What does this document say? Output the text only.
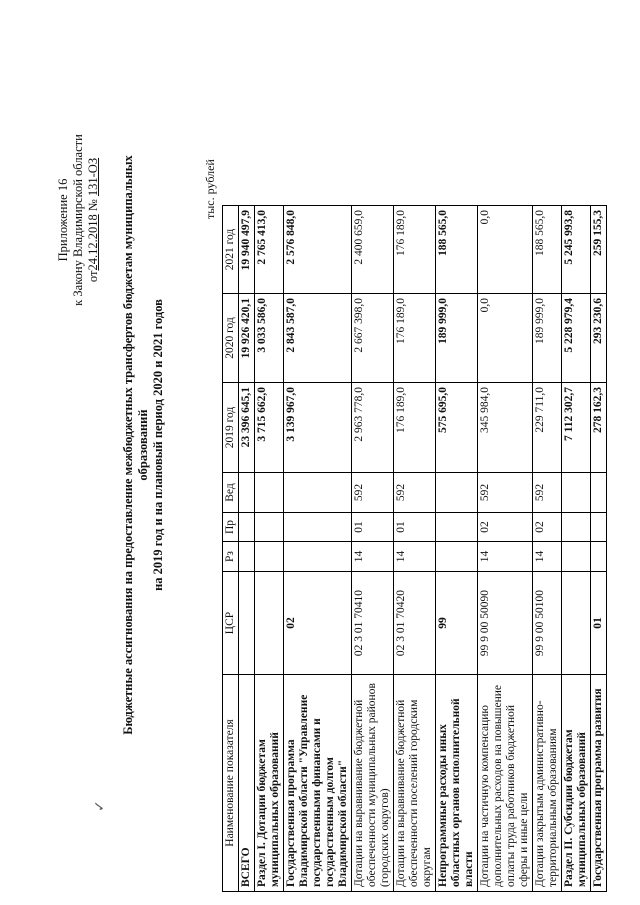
✓
Приложение 16 к Закону Владимирской области от24.12.2018 № 131-ОЗ Бюджетные ассигнования на предоставление межбюджетных трансфертов бюджетам муниципальных образований на 2019 год и на плановый период 2020 и 2021 годов
тыс. рублей
Наименование показателя	ЦСР	Рз	Пр	Вед	2019 год	2020 год	2021 год
ВСЕГО					23 396 645,1	19 926 420,1	19 940 497,9
Раздел I. Дотации бюджетам муниципальных образований					3 715 662,0	3 033 586,0	2 765 413,0
Государственная программа Владимирской области "Управление государственными финансами и государственным долгом Владимирской области"	02				3 139 967,0	2 843 587,0	2 576 848,0
Дотации на выравнивание бюджетной обеспеченности муниципальных районов (городских округов)	02 3 01 70410	14	01	592	2 963 778,0	2 667 398,0	2 400 659,0
Дотации на выравнивание бюджетной обеспеченности поселений городским округам	02 3 01 70420	14	01	592	176 189,0	176 189,0	176 189,0
Непрограммные расходы иных областных органов исполнительной власти	99				575 695,0	189 999,0	188 565,0
Дотации на частичную компенсацию дополнительных расходов на повышение оплаты труда работников бюджетной сферы и иные цели	99 9 00 50090	14	02	592	345 984,0	0,0	0,0
Дотации закрытым административно-территориальным образованиям	99 9 00 50100	14	02	592	229 711,0	189 999,0	188 565,0
Раздел II. Субсидии бюджетам муниципальных образований					7 112 302,7	5 228 979,4	5 245 993,8
Государственная программа развития	01				278 162,3	293 230,6	259 155,3
